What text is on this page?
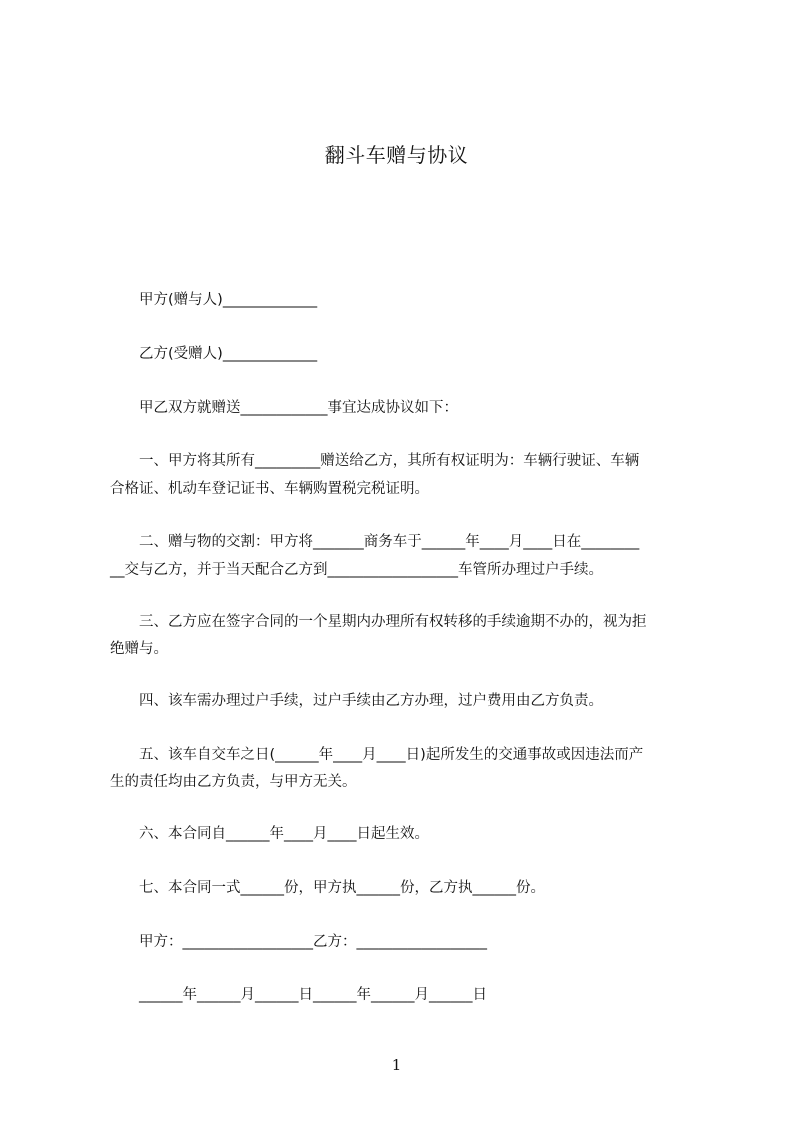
翻斗车赠与协议
　　甲方(赠与人)_____________
　　乙方(受赠人)_____________
　　甲乙双方就赠送____________事宜达成协议如下：
　　一、甲方将其所有_________赠送给乙方，其所有权证明为：车辆行驶证、车辆
合格证、机动车登记证书、车辆购置税完税证明。
　　二、赠与物的交割：甲方将_______商务车于______年____月____日在________
__交与乙方，并于当天配合乙方到__________________车管所办理过户手续。
　　三、乙方应在签字合同的一个星期内办理所有权转移的手续逾期不办的，视为拒
绝赠与。
　　四、该车需办理过户手续，过户手续由乙方办理，过户费用由乙方负责。
　　五、该车自交车之日(______年____月____日)起所发生的交通事故或因违法而产
生的责任均由乙方负责，与甲方无关。
　　六、本合同自______年____月____日起生效。
　　七、本合同一式______份，甲方执______份，乙方执______份。
　　甲方：__________________乙方：__________________
　　______年______月______日______年______月______日
1
